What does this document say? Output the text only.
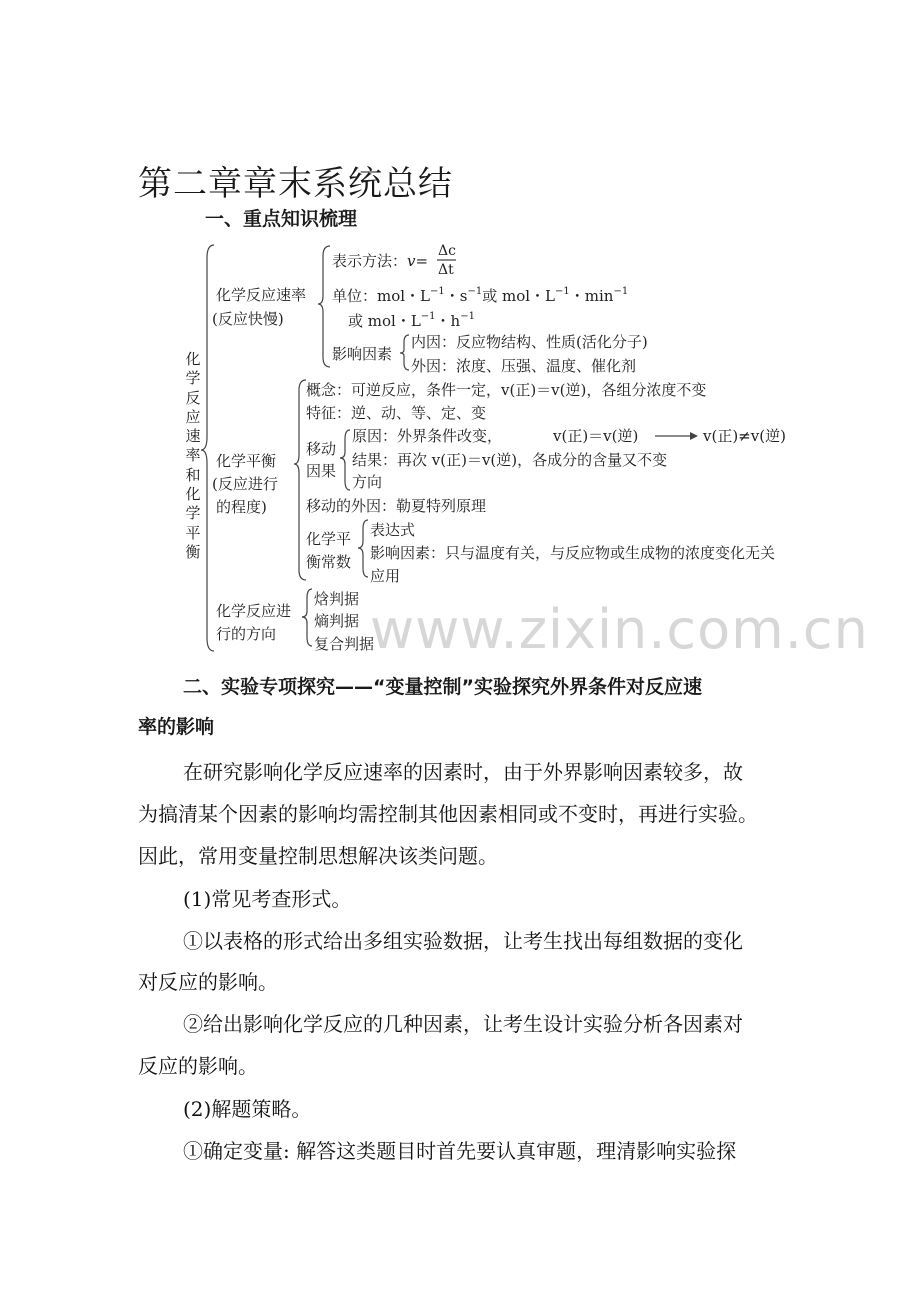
第二章章末系统总结
一、重点知识梳理
化学反应速率和化学平衡
化学反应速率
(反应快慢)
表示方法：v=
Δc
Δt
单位：mol・$L^{-1}$・$s^{-1}$或 mol・$L^{-1}$・$\min^{-1}$
或 mol・$L^{-1}$・$h^{-1}$
影响因素
内因：反应物结构、性质(活化分子)
外因：浓度、压强、温度、催化剂
化学平衡
(反应进行
的程度)
概念：可逆反应，条件一定，v(正)＝v(逆)，各组分浓度不变
特征：逆、动、等、定、变
移动
因果
原因：外界条件改变，	v(正)＝v(逆)	v(正)≠v(逆)
结果：再次 v(正)＝v(逆)，各成分的含量又不变
方向
移动的外因：勒夏特列原理
化学平
衡常数
表达式
影响因素：只与温度有关，与反应物或生成物的浓度变化无关
应用
化学反应进
行的方向
焓判据
熵判据
复合判据
www.zixin.com.cn
二、实验专项探究——“变量控制”实验探究外界条件对反应速
率的影响
在研究影响化学反应速率的因素时，由于外界影响因素较多，故
为搞清某个因素的影响均需控制其他因素相同或不变时，再进行实验。
因此，常用变量控制思想解决该类问题。
(1)常见考查形式。
①以表格的形式给出多组实验数据，让考生找出每组数据的变化
对反应的影响。
②给出影响化学反应的几种因素，让考生设计实验分析各因素对
反应的影响。
(2)解题策略。
①确定变量: 解答这类题目时首先要认真审题，理清影响实验探
